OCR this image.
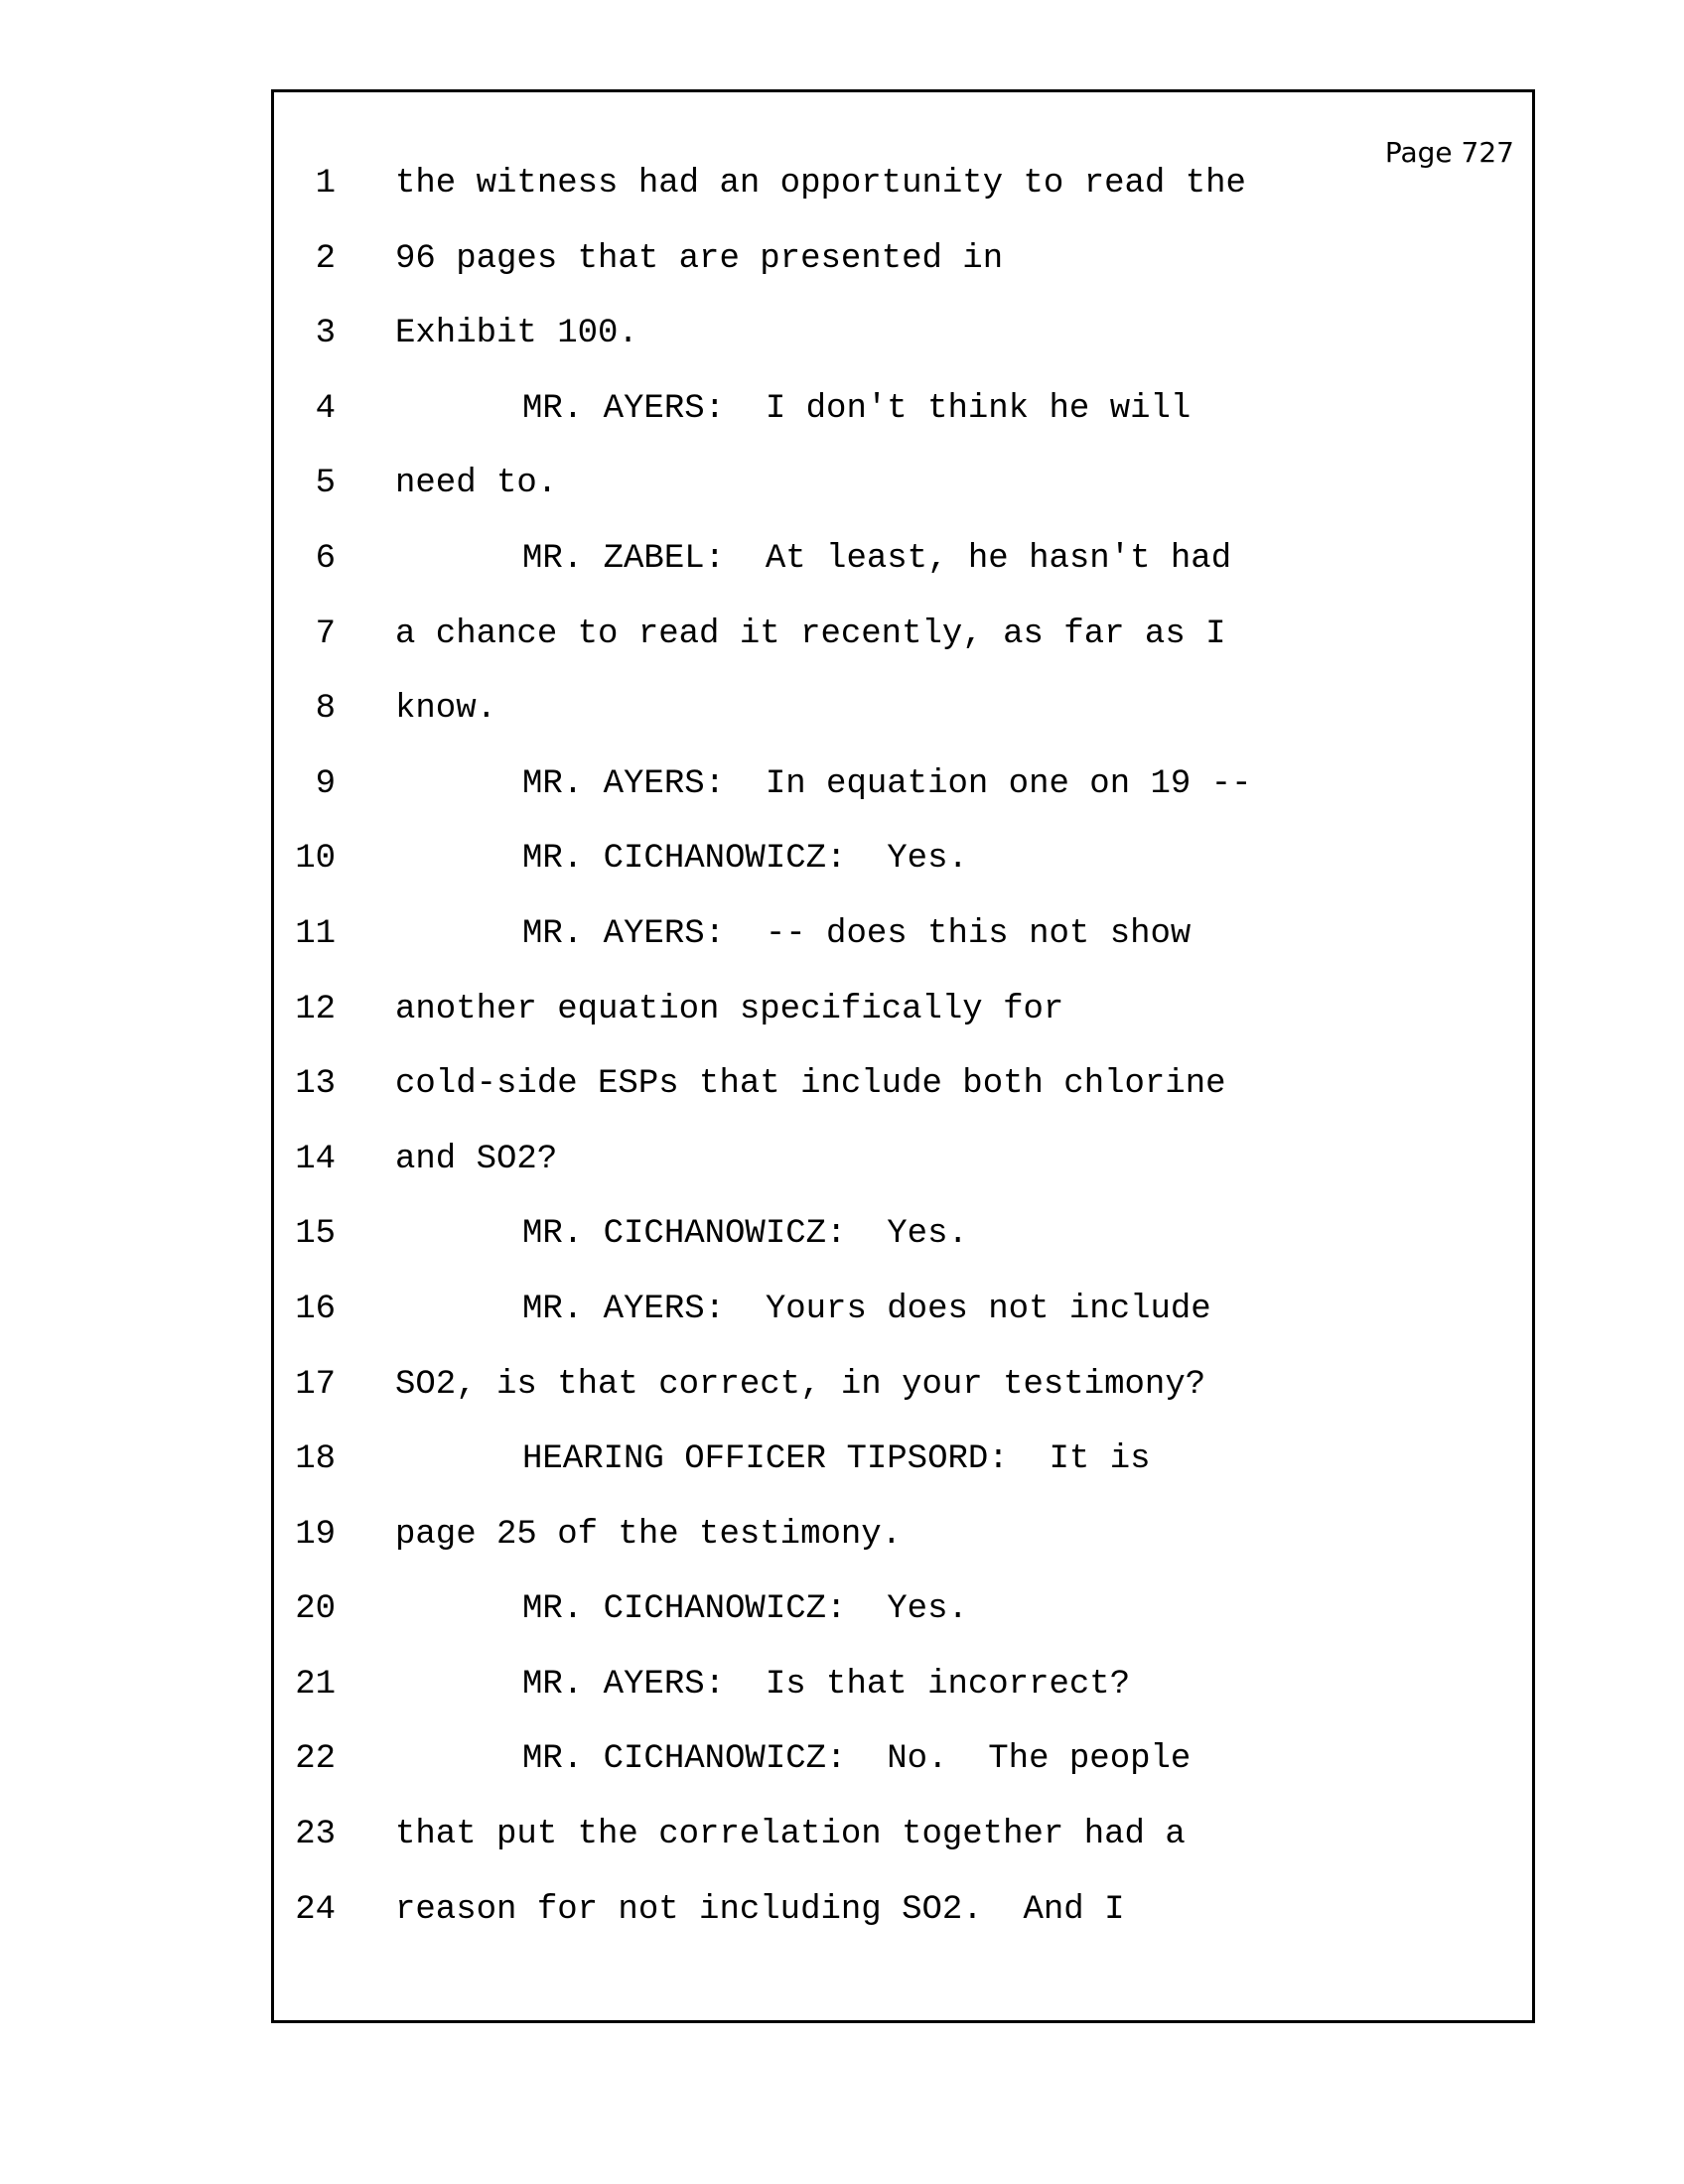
Page 727
1 the witness had an opportunity to read the
2 96 pages that are presented in
3 Exhibit 100.
4	MR. AYERS:  I don't think he will
5 need to.
6	MR. ZABEL:  At least, he hasn't had
7 a chance to read it recently, as far as I
8 know.
9	MR. AYERS:  In equation one on 19 --
10	MR. CICHANOWICZ:  Yes.
11	MR. AYERS:  -- does this not show
12 another equation specifically for
13 cold-side ESPs that include both chlorine
14 and SO2?
15	MR. CICHANOWICZ:  Yes.
16	MR. AYERS:  Yours does not include
17 SO2, is that correct, in your testimony?
18	HEARING OFFICER TIPSORD:  It is
19 page 25 of the testimony.
20	MR. CICHANOWICZ:  Yes.
21	MR. AYERS:  Is that incorrect?
22	MR. CICHANOWICZ:  No.  The people
23 that put the correlation together had a
24 reason for not including SO2.  And I
